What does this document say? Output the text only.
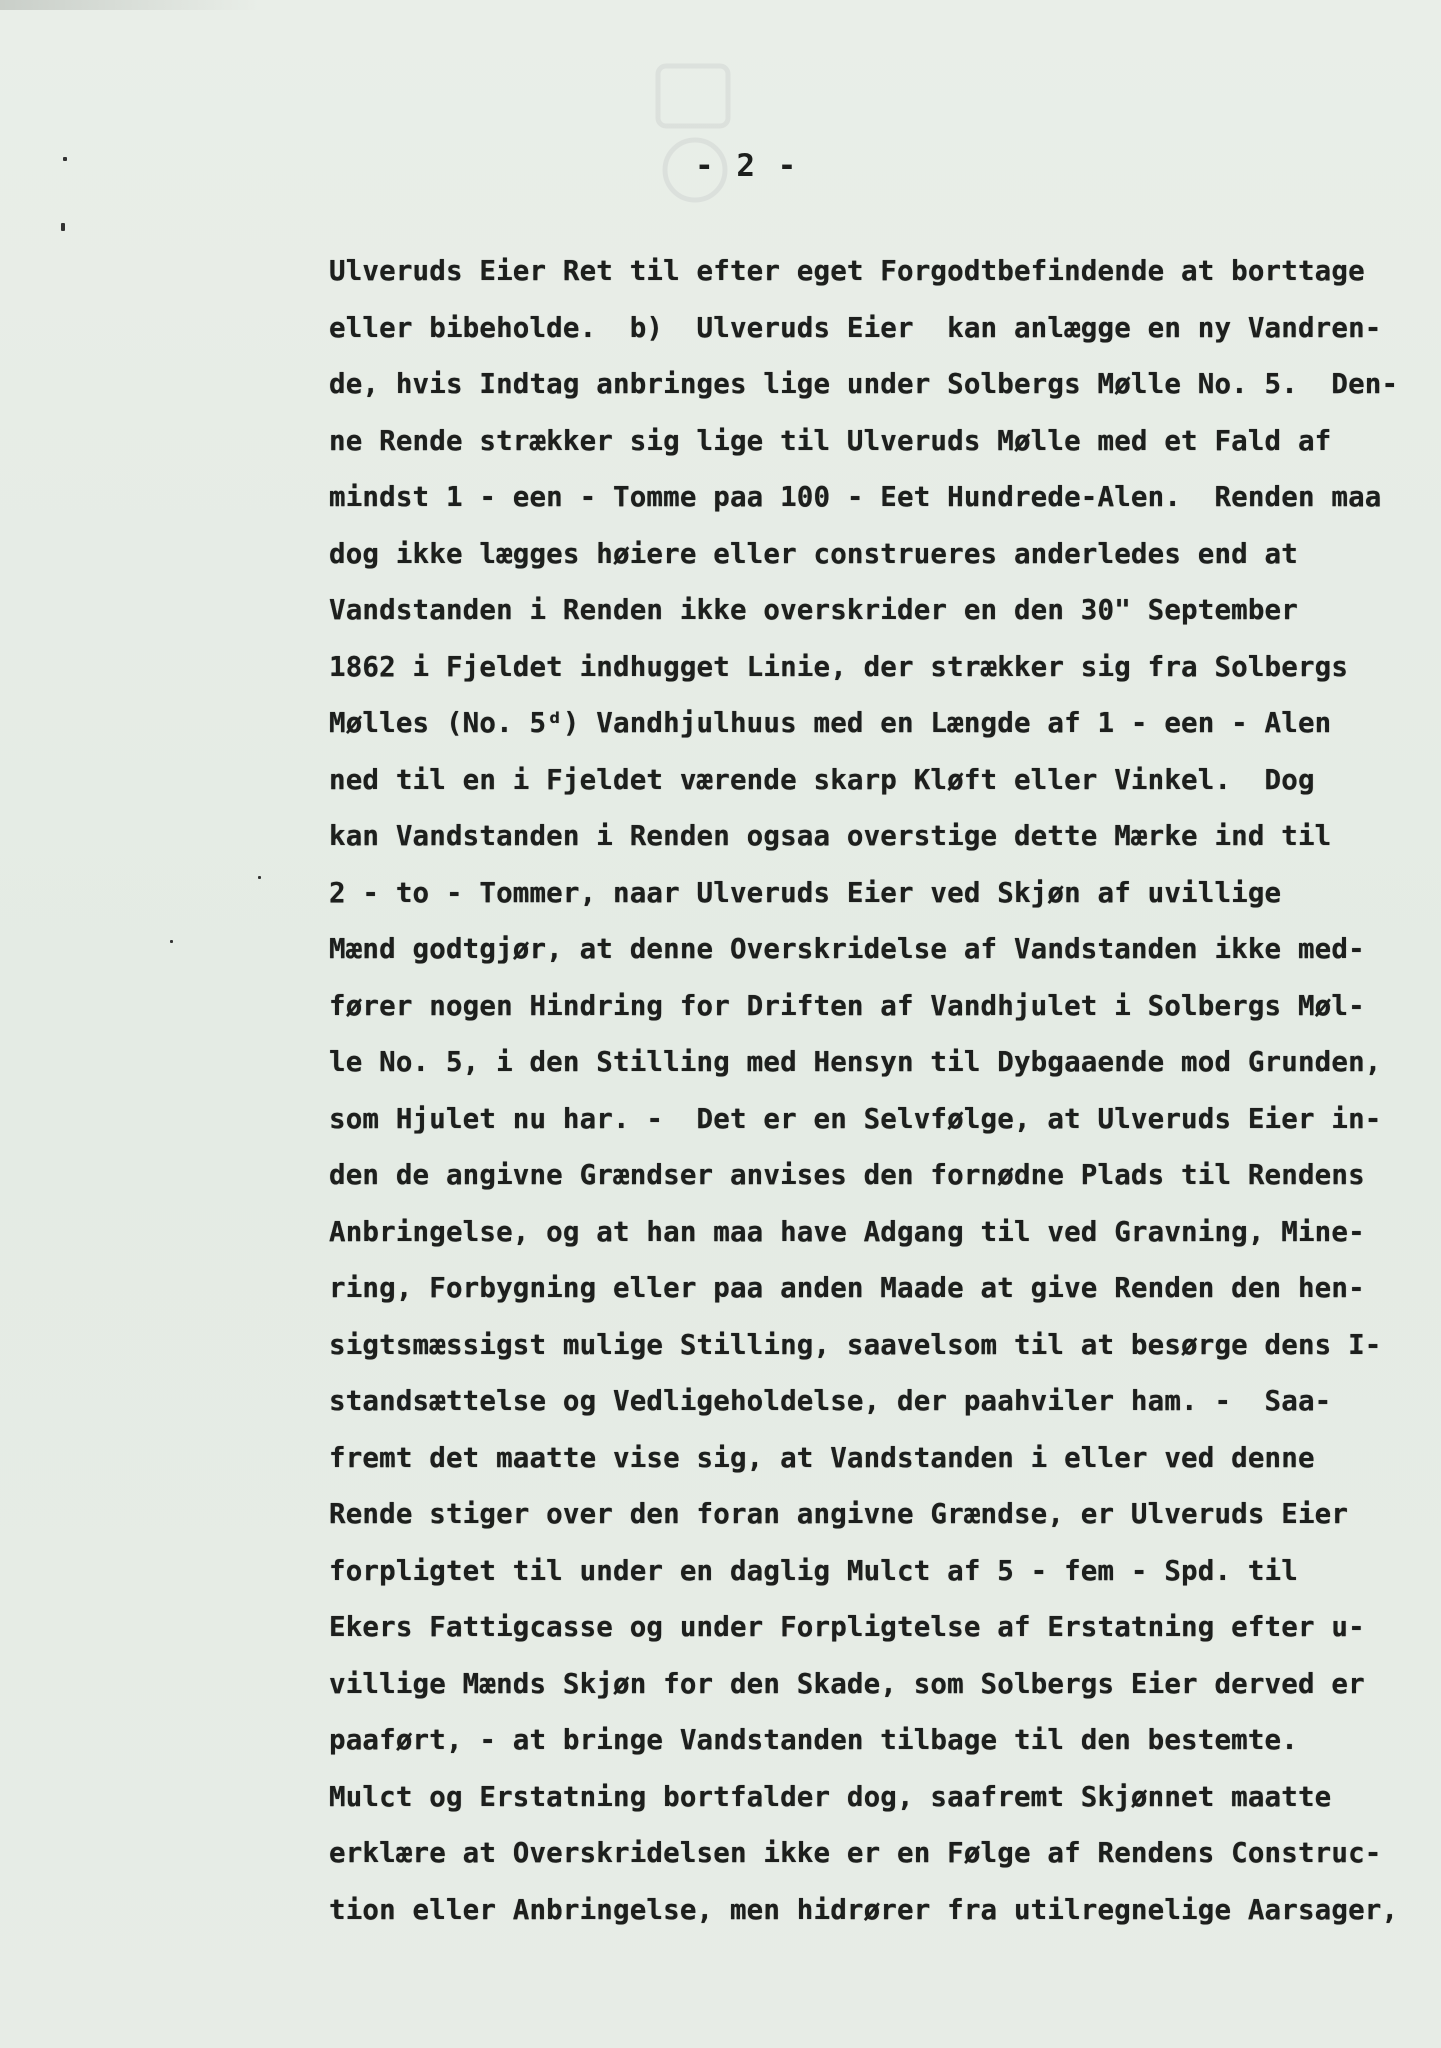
- 2 -
Ulveruds Eier Ret til efter eget Forgodtbefindende at borttage
eller bibeholde.  b)  Ulveruds Eier  kan anlægge en ny Vandren-
de, hvis Indtag anbringes lige under Solbergs Mølle No. 5.  Den-
ne Rende strækker sig lige til Ulveruds Mølle med et Fald af
mindst 1 - een - Tomme paa 100 - Eet Hundrede-Alen.  Renden maa
dog ikke lægges høiere eller construeres anderledes end at
Vandstanden i Renden ikke overskrider en den 30" September
1862 i Fjeldet indhugget Linie, der strækker sig fra Solbergs
Mølles (No. 5ᵈ) Vandhjulhuus med en Længde af 1 - een - Alen
ned til en i Fjeldet værende skarp Kløft eller Vinkel.  Dog
kan Vandstanden i Renden ogsaa overstige dette Mærke ind til
2 - to - Tommer, naar Ulveruds Eier ved Skjøn af uvillige
Mænd godtgjør, at denne Overskridelse af Vandstanden ikke med-
fører nogen Hindring for Driften af Vandhjulet i Solbergs Møl-
le No. 5, i den Stilling med Hensyn til Dybgaaende mod Grunden,
som Hjulet nu har. -  Det er en Selvfølge, at Ulveruds Eier in-
den de angivne Grændser anvises den fornødne Plads til Rendens
Anbringelse, og at han maa have Adgang til ved Gravning, Mine-
ring, Forbygning eller paa anden Maade at give Renden den hen-
sigtsmæssigst mulige Stilling, saavelsom til at besørge dens I-
standsættelse og Vedligeholdelse, der paahviler ham. -  Saa-
fremt det maatte vise sig, at Vandstanden i eller ved denne
Rende stiger over den foran angivne Grændse, er Ulveruds Eier
forpligtet til under en daglig Mulct af 5 - fem - Spd. til
Ekers Fattigcasse og under Forpligtelse af Erstatning efter u-
villige Mænds Skjøn for den Skade, som Solbergs Eier derved er
paaført, - at bringe Vandstanden tilbage til den bestemte.
Mulct og Erstatning bortfalder dog, saafremt Skjønnet maatte
erklære at Overskridelsen ikke er en Følge af Rendens Construc-
tion eller Anbringelse, men hidrører fra utilregnelige Aarsager,
